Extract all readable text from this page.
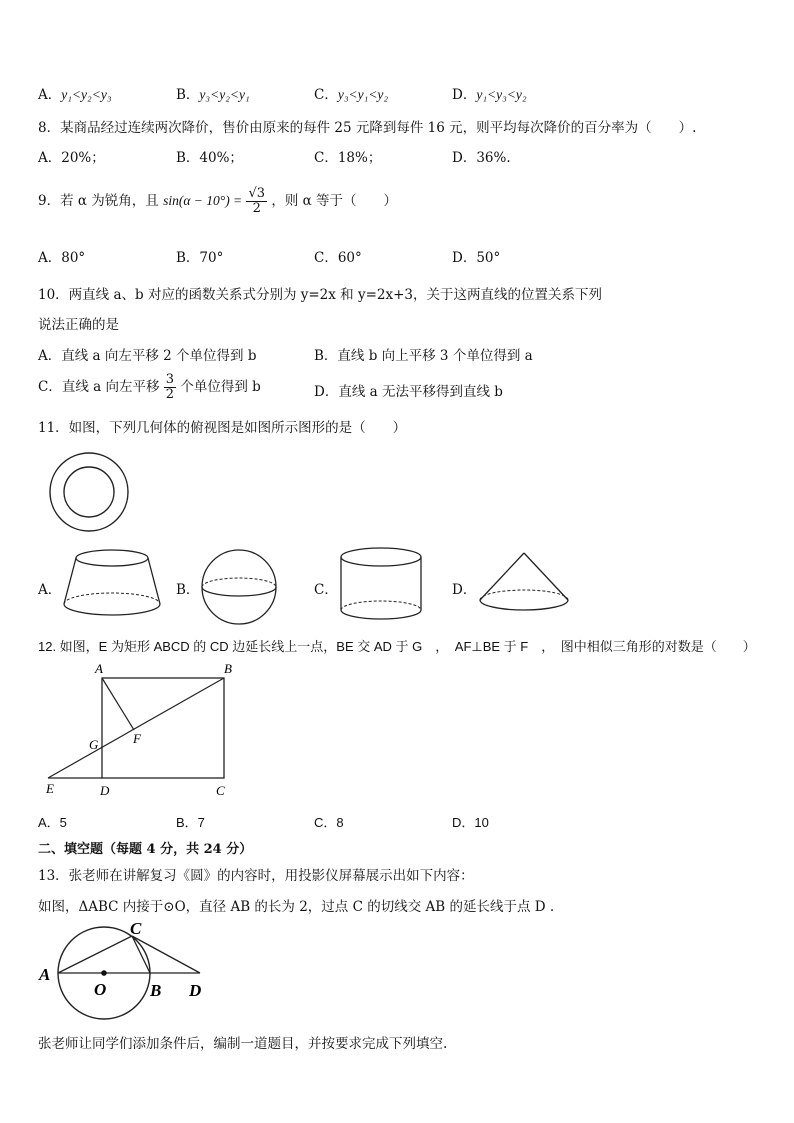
A．y₁<y₂<y₃	B．y₃<y₂<y₁	C．y₃<y₁<y₂	D．y₁<y₃<y₂
8．某商品经过连续两次降价，售价由原来的每件 25 元降到每件 16 元，则平均每次降价的百分率为（　　）.
A．20%；	B．40%；	C．18%；	D．36%.
9．若 α 为锐角，且 $\sin(\alpha - 10^\circ) = \frac{√3}{2}$ ，则 α 等于（　　）
A．80°	B．70°	C．60°	D．50°
10．两直线 a、b 对应的函数关系式分别为 y=2x 和 y=2x+3，关于这两直线的位置关系下列
说法正确的是
A．直线 a 向左平移 2 个单位得到 b	B．直线 b 向上平移 3 个单位得到 a
C．直线 a 向左平移 $\frac{3}{2}$ 个单位得到 b	D．直线 a 无法平移得到直线 b
11．如图，下列几何体的俯视图是如图所示图形的是（　　）
A．	B．	C．	D．
12. 如图，E 为矩形 ABCD 的 CD 边延长线上一点，BE 交 AD 于 G　，　AF⊥BE 于 F　，　图中相似三角形的对数是（　　）
A	B
G	F
E	D	C
A．5	B．7	C．8	D．10
二、填空题（每题 4 分，共 24 分）
13．张老师在讲解复习《圆》的内容时，用投影仪屏幕展示出如下内容：
如图，ΔABC 内接于⊙O，直径 AB 的长为 2，过点 C 的切线交 AB 的延长线于点 D .
A
C
O	B D
张老师让同学们添加条件后，编制一道题目，并按要求完成下列填空.
